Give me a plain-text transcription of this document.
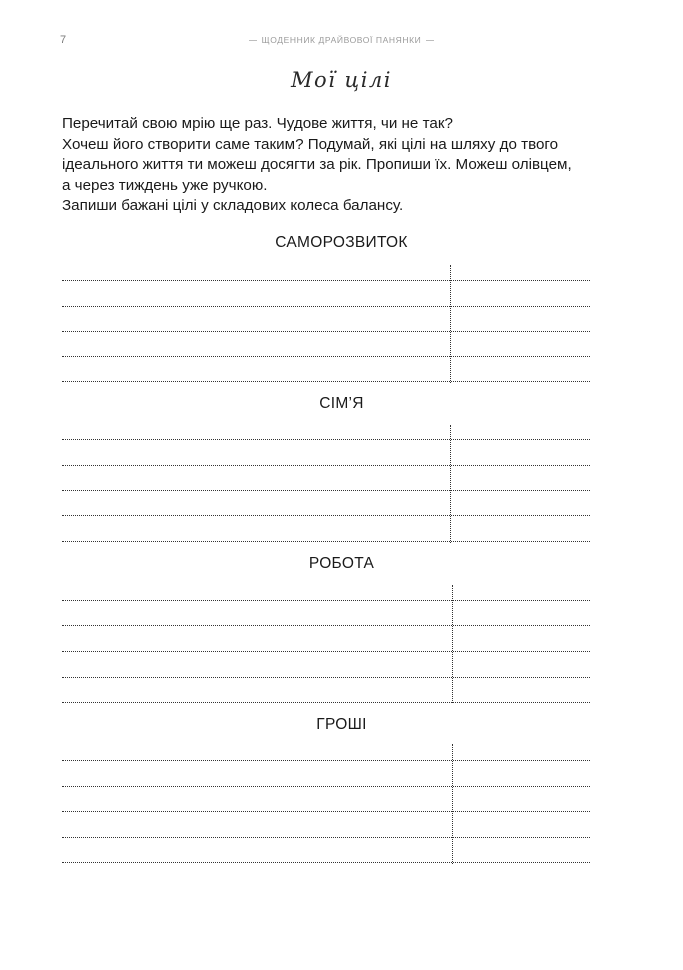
7	ЩОДЕННИК ДРАЙВОВОЇ ПАНЯНКИ
Мої цілі

Перечитай свою мрію ще раз. Чудове життя, чи не так?

Хочеш його створити саме таким? Подумай, які цілі на шляху до твого

ідеального життя ти можеш досягти за рік. Пропиши їх. Можеш олівцем,

а через тиждень уже ручкою.

Запиши бажані цілі у складових колеса балансу.

САМОРОЗВИТОК
СІМ’Я
РОБОТА
ГРОШІ
